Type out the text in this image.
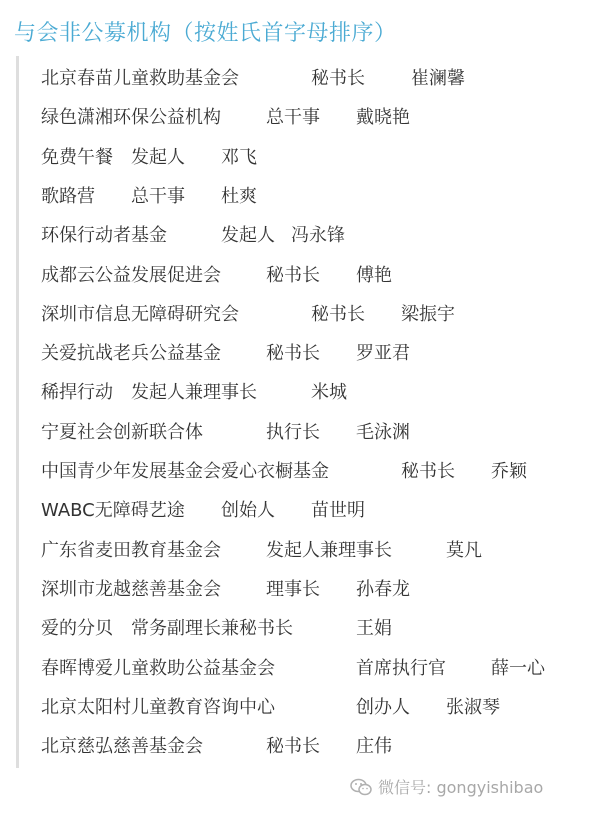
与会非公募机构（按姓氏首字母排序）
北京春苗儿童救助基金会	秘书长	崔澜馨
绿色潇湘环保公益机构	总干事 戴晓艳
免费午餐 发起人 邓飞
歌路营 总干事 杜爽
环保行动者基金	发起人 冯永锋
成都云公益发展促进会	秘书长 傅艳
深圳市信息无障碍研究会	秘书长 梁振宇
关爱抗战老兵公益基金	秘书长 罗亚君
稀捍行动 发起人兼理事长	米城
宁夏社会创新联合体	执行长 毛泳渊
中国青少年发展基金会爱心衣橱基金	秘书长 乔颖
WABC无障碍艺途 创始人 苗世明
广东省麦田教育基金会	发起人兼理事长	莫凡
深圳市龙越慈善基金会	理事长 孙春龙
爱的分贝 常务副理长兼秘书长	王娟
春晖博爱儿童救助公益基金会	首席执行官	薛一心
北京太阳村儿童教育咨询中心	创办人 张淑琴
北京慈弘慈善基金会	秘书长 庄伟
微信号: gongyishibao
